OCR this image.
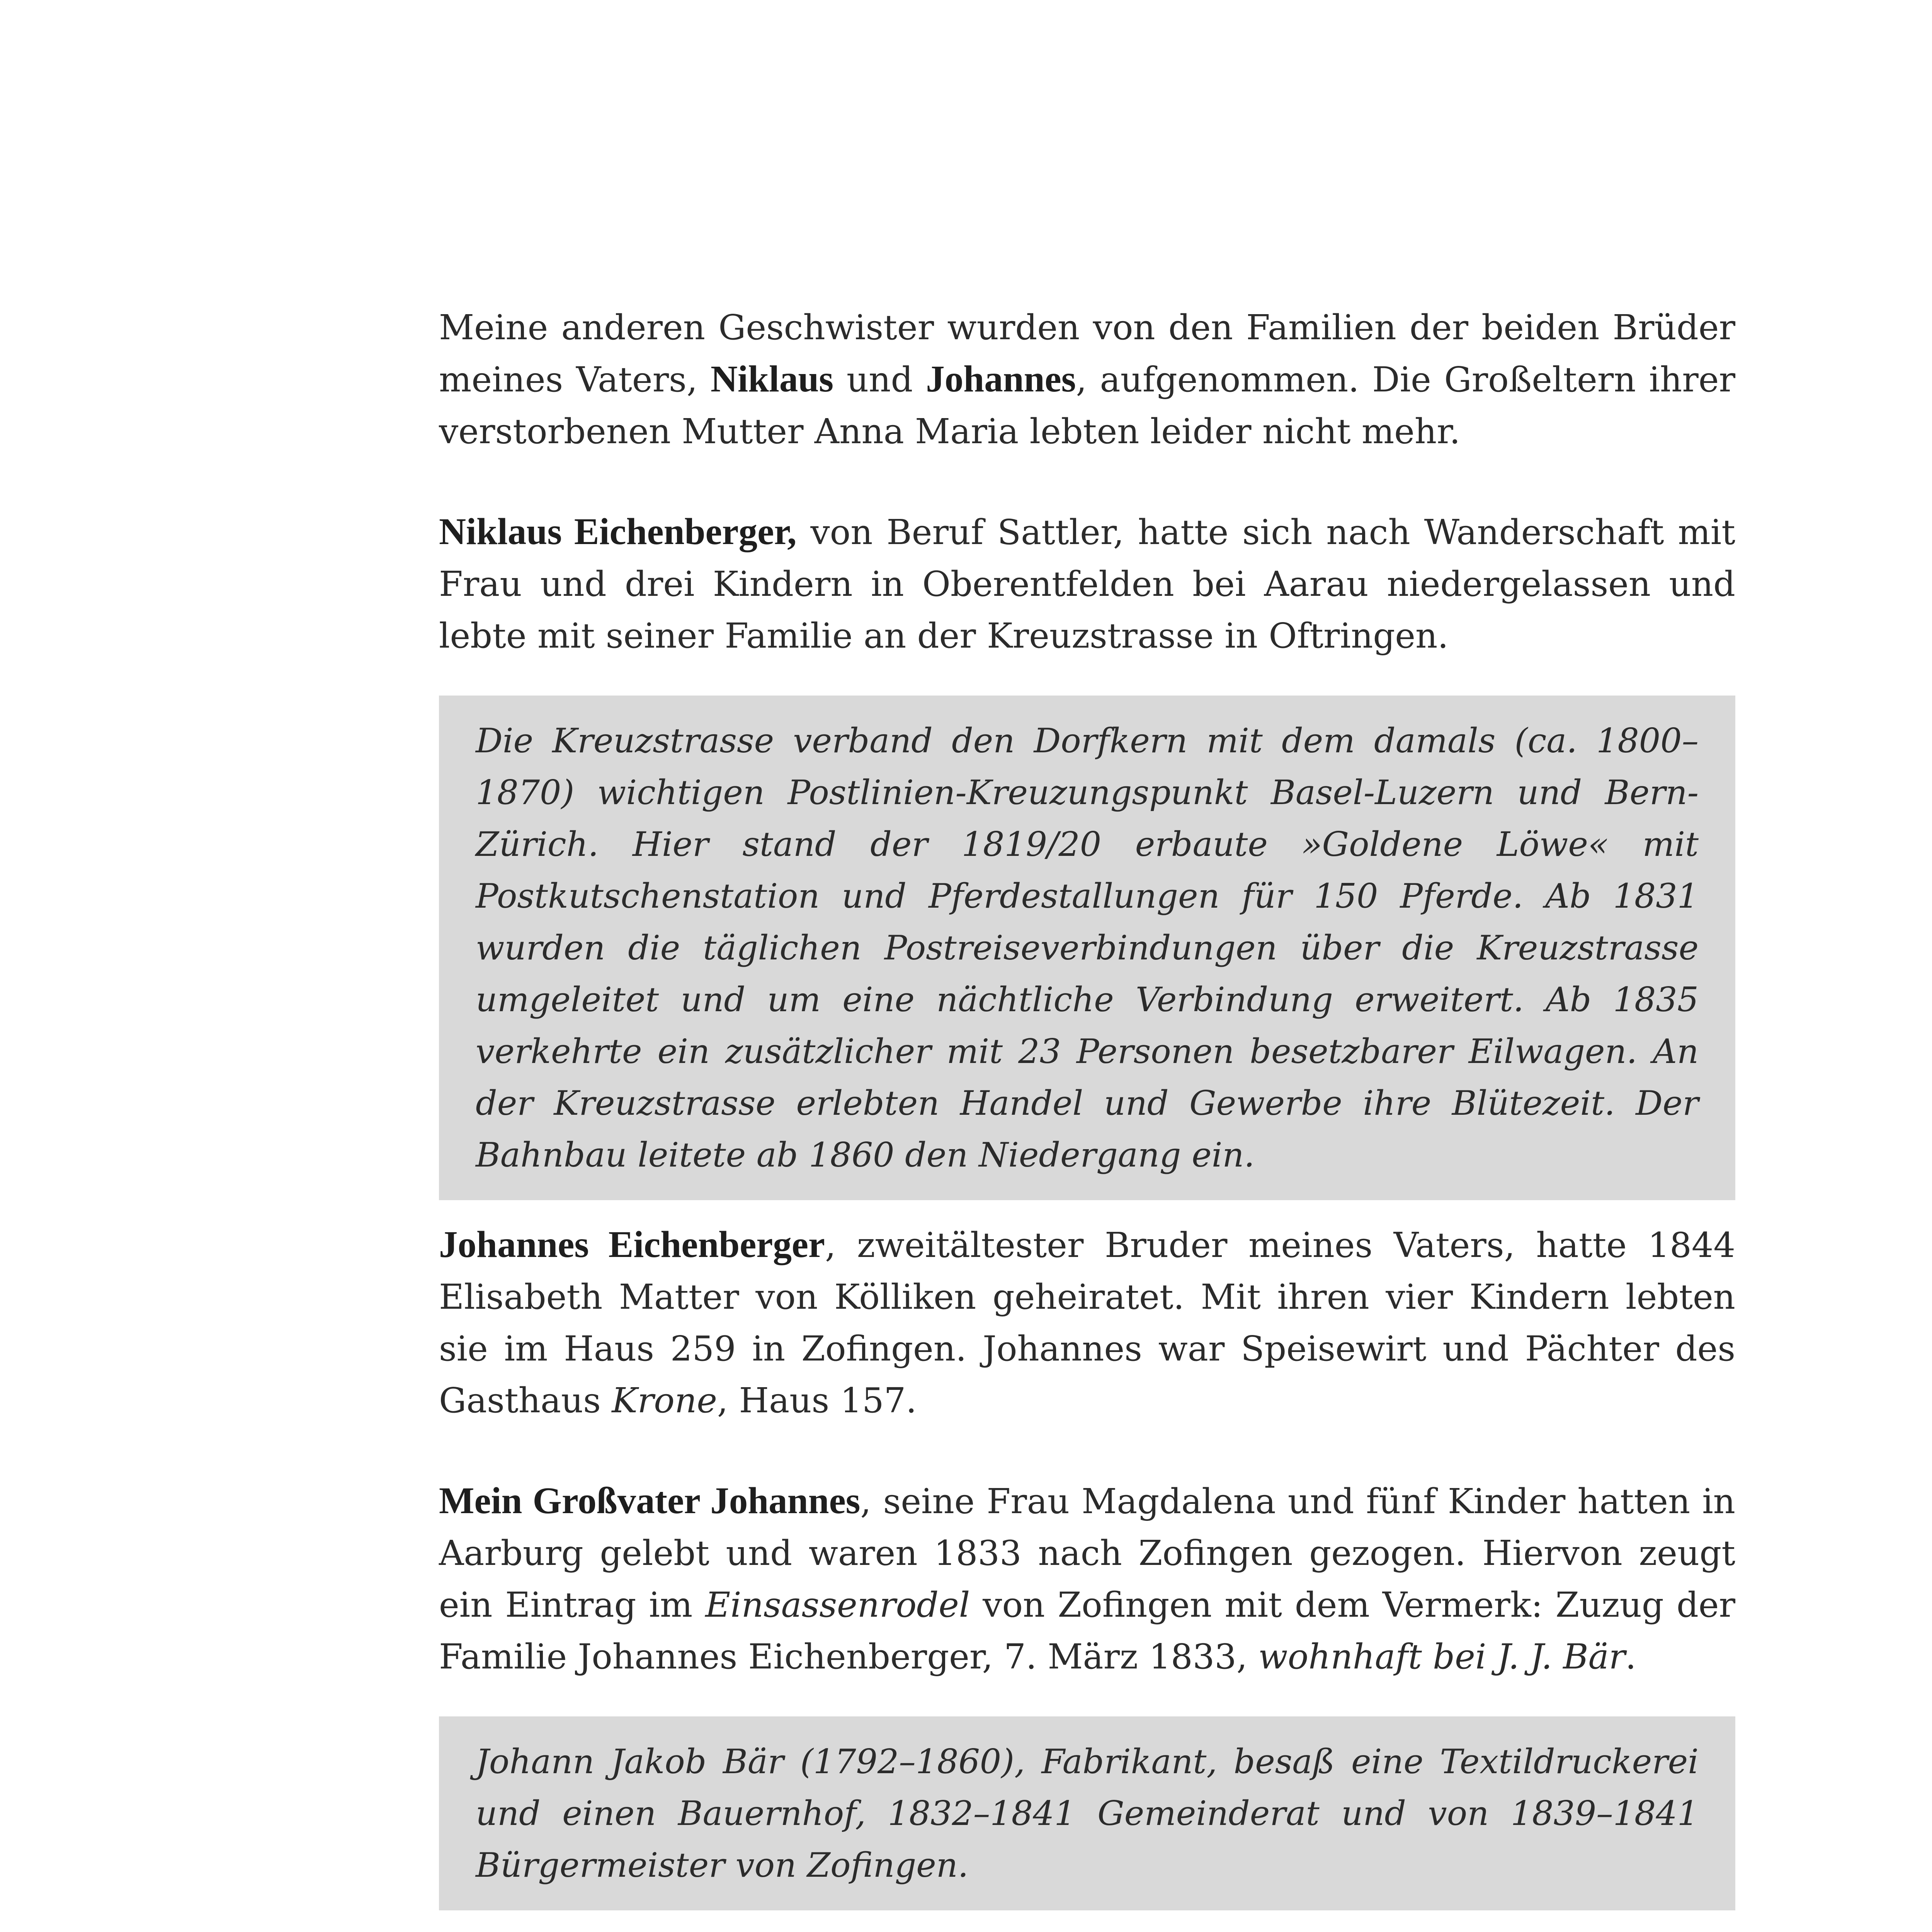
Meine anderen Geschwister wurden von den Familien der beiden Brüder meines Vaters, Niklaus und Johannes, aufgenommen. Die Großeltern ihrer verstorbenen Mutter Anna Maria lebten leider nicht mehr.

Niklaus Eichenberger, von Beruf Sattler, hatte sich nach Wanderschaft mit Frau und drei Kindern in Oberentfelden bei Aarau niedergelassen und lebte mit seiner Familie an der Kreuzstrasse in Oftringen.

Die Kreuzstrasse verband den Dorfkern mit dem damals (ca. 1800–1870) wichtigen Postlinien-Kreuzungspunkt Basel-Luzern und Bern-Zürich. Hier stand der 1819/20 erbaute »Goldene Löwe« mit Postkutschenstation und Pferdestallungen für 150 Pferde. Ab 1831 wurden die täglichen Postreiseverbindungen über die Kreuzstrasse umgeleitet und um eine nächtliche Verbindung erweitert. Ab 1835 verkehrte ein zusätzlicher mit 23 Personen besetzbarer Eilwagen. An der Kreuzstrasse erlebten Handel und Gewerbe ihre Blütezeit. Der Bahnbau leitete ab 1860 den Niedergang ein.

Johannes Eichenberger, zweitältester Bruder meines Vaters, hatte 1844 Elisabeth Matter von Kölliken geheiratet. Mit ihren vier Kindern lebten sie im Haus 259 in Zofingen. Johannes war Speisewirt und Pächter des Gasthaus Krone, Haus 157.

Mein Großvater Johannes, seine Frau Magdalena und fünf Kinder hatten in Aarburg gelebt und waren 1833 nach Zofingen gezogen. Hiervon zeugt ein Eintrag im Einsassenrodel von Zofingen mit dem Vermerk: Zuzug der Familie Johannes Eichenberger, 7. März 1833, wohnhaft bei J. J. Bär.

Johann Jakob Bär (1792–1860), Fabrikant, besaß eine Textildruckerei und einen Bauernhof, 1832–1841 Gemeinderat und von 1839–1841 Bürgermeister von Zofingen.
